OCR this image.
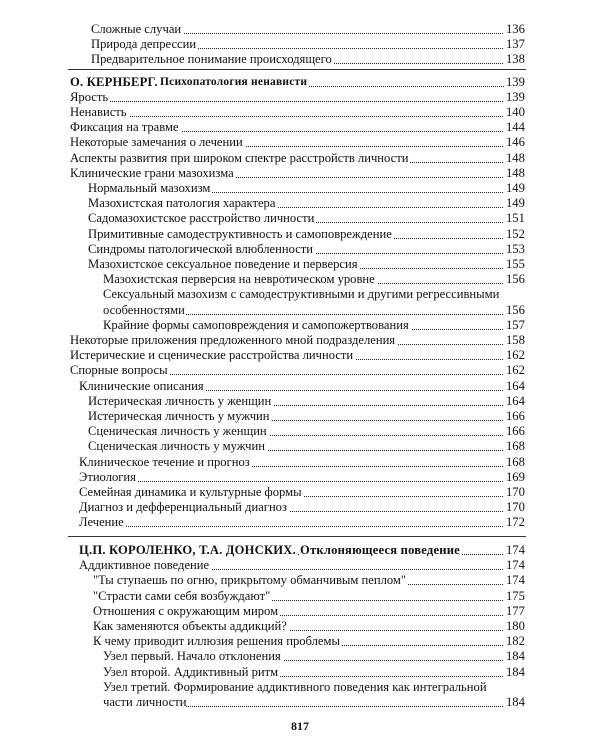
Сложные случаи	136
Природа депрессии	137
Предварительное понимание происходящего	138
О. КЕРНБЕРГ. Психопатология ненависти	139
Ярость	139
Ненависть	140
Фиксация на травме	144
Некоторые замечания о лечении	146
Аспекты развития при широком спектре расстройств личности	148
Клинические грани мазохизма	148
Нормальный мазохизм	149
Мазохистская патология характера	149
Садомазохистское расстройство личности	151
Примитивные самодеструктивность и самоповреждение	152
Синдромы патологической влюбленности	153
Мазохистское сексуальное поведение и перверсия	155
Мазохистская перверсия на невротическом уровне	156
Сексуальный мазохизм с самодеструктивными и другими регрессивными
особенностями	156
Крайние формы самоповреждения и самопожертвования	157
Некоторые приложения предложенного мной подразделения	158
Истерические и сценические расстройства личности	162
Спорные вопросы	162
Клинические описания	164
Истерическая личность у женщин	164
Истерическая личность у мужчин	166
Сценическая личность у женщин	166
Сценическая личность у мужчин	168
Клиническое течение и прогноз	168
Этиология	169
Семейная динамика и культурные формы	170
Диагноз и дефференциальный диагноз	170
Лечение	172
Ц.П. КОРОЛЕНКО, Т.А. ДОНСКИХ. Отклоняющееся поведение	174
Аддиктивное поведение	174
"Ты ступаешь по огню, прикрытому обманчивым пеплом"	174
"Страсти сами себя возбуждают"	175
Отношения с окружающим миром	177
Как заменяются объекты аддикций?	180
К чему приводит иллюзия решения проблемы	182
817
Узел первый. Начало отклонения	184
Узел второй. Аддиктивный ритм	184
Узел третий. Формирование аддиктивного поведения как интегральной
части личности	184
